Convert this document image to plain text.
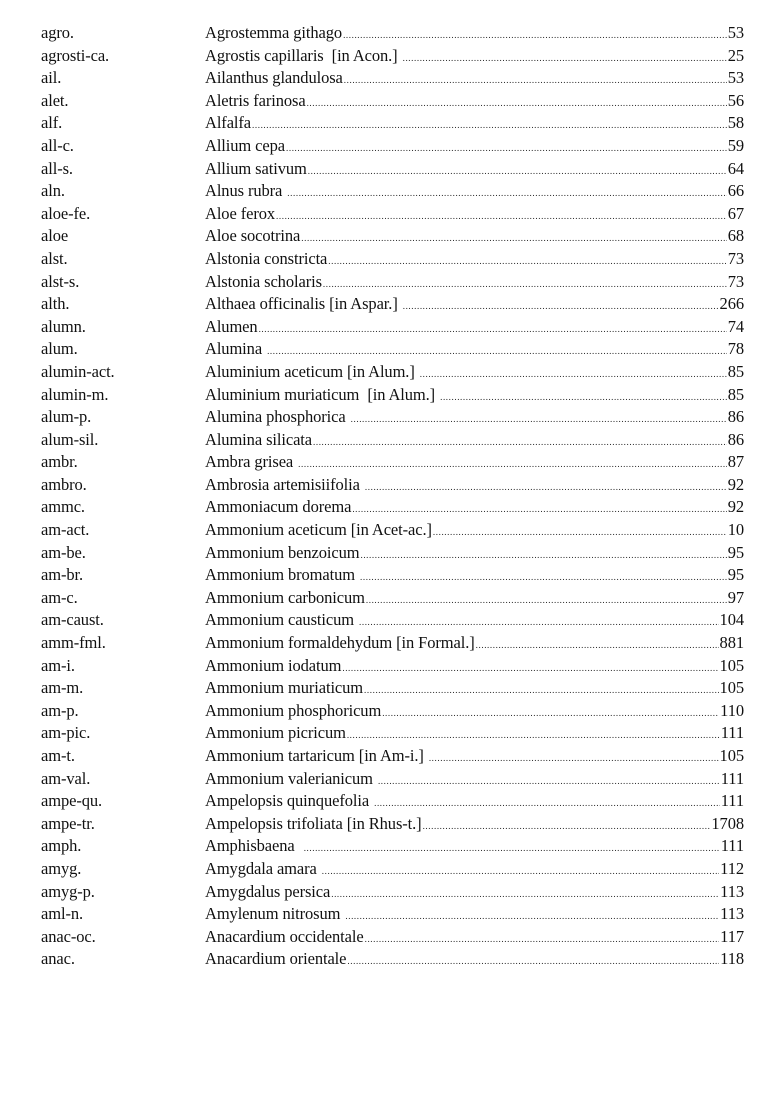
agro.	Agrostemma githago .....	53
agrosti-ca.	Agrostis capillaris  [in Acon.] .....	25
ail.	Ailanthus glandulosa .....	53
alet.	Aletris farinosa .....	56
alf.	Alfalfa .....	58
all-c.	Allium cepa .....	59
all-s.	Allium sativum .....	64
aln.	Alnus rubra .....	66
aloe-fe.	Aloe ferox .....	67
aloe	Aloe socotrina .....	68
alst.	Alstonia constricta .....	73
alst-s.	Alstonia scholaris .....	73
alth.	Althaea officinalis [in Aspar.] .....	266
alumn.	Alumen .....	74
alum.	Alumina .....	78
alumin-act.	Aluminium aceticum [in Alum.] .....	85
alumin-m.	Aluminium muriaticum  [in Alum.] .....	85
alum-p.	Alumina phosphorica .....	86
alum-sil.	Alumina silicata .....	86
ambr.	Ambra grisea .....	87
ambro.	Ambrosia artemisiifolia .....	92
ammc.	Ammoniacum dorema .....	92
am-act.	Ammonium aceticum [in Acet-ac.] .....	10
am-be.	Ammonium benzoicum .....	95
am-br.	Ammonium bromatum .....	95
am-c.	Ammonium carbonicum .....	97
am-caust.	Ammonium causticum .....	104
amm-fml.	Ammonium formaldehydum [in Formal.] .....	881
am-i.	Ammonium iodatum .....	105
am-m.	Ammonium muriaticum .....	105
am-p.	Ammonium phosphoricum .....	110
am-pic.	Ammonium picricum .....	111
am-t.	Ammonium tartaricum [in Am-i.] .....	105
am-val.	Ammonium valerianicum .....	111
ampe-qu.	Ampelopsis quinquefolia .....	111
ampe-tr.	Ampelopsis trifoliata [in Rhus-t.] .....	1708
amph.	Amphisbaena .....	111
amyg.	Amygdala amara .....	112
amyg-p.	Amygdalus persica .....	113
aml-n.	Amylenum nitrosum .....	113
anac-oc.	Anacardium occidentale .....	117
anac.	Anacardium orientale .....	118
